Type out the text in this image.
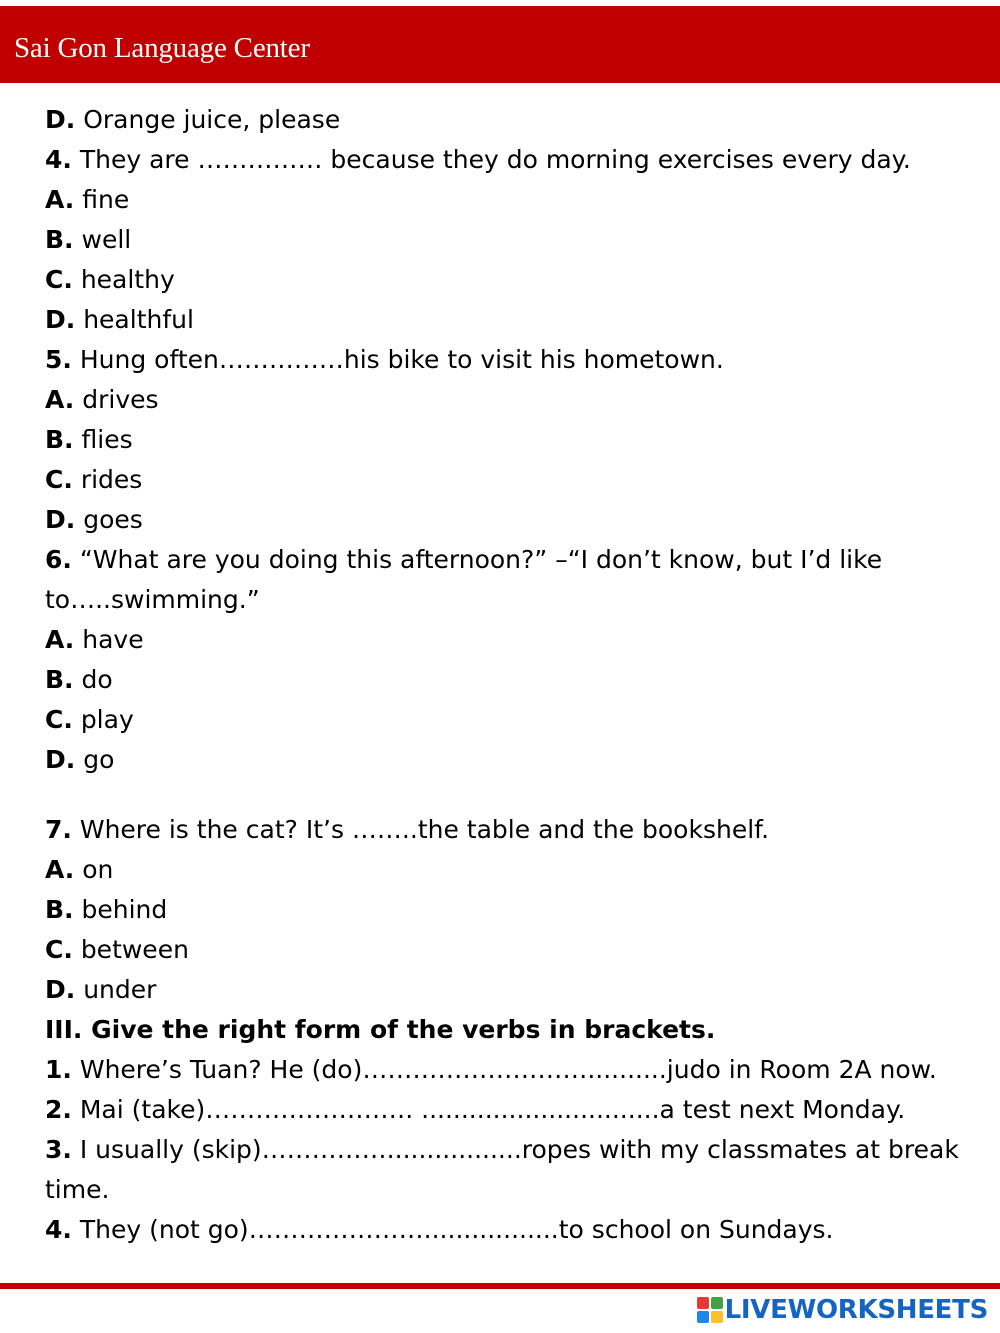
Sai Gon Language Center
D. Orange juice, please
4. They are …………… because they do morning exercises every day.
A. fine
B. well
C. healthy
D. healthful
5. Hung often……………his bike to visit his hometown.
A. drives
B. flies
C. rides
D. goes
6. “What are you doing this afternoon?” –“I don’t know, but I’d like to…..swimming.”
A. have
B. do
C. play
D. go
7. Where is the cat? It’s ……..the table and the bookshelf.
A. on
B. behind
C. between
D. under
III. Give the right form of the verbs in brackets.
1. Where’s Tuan? He (do)………………………..........judo in Room 2A now.
2. Mai (take)……………………. ..............................a test next Monday.
3. I usually (skip)…………….................ropes with my classmates at break time.
4. They (not go)………………….................to school on Sundays.
LIVEWORKSHEETS
